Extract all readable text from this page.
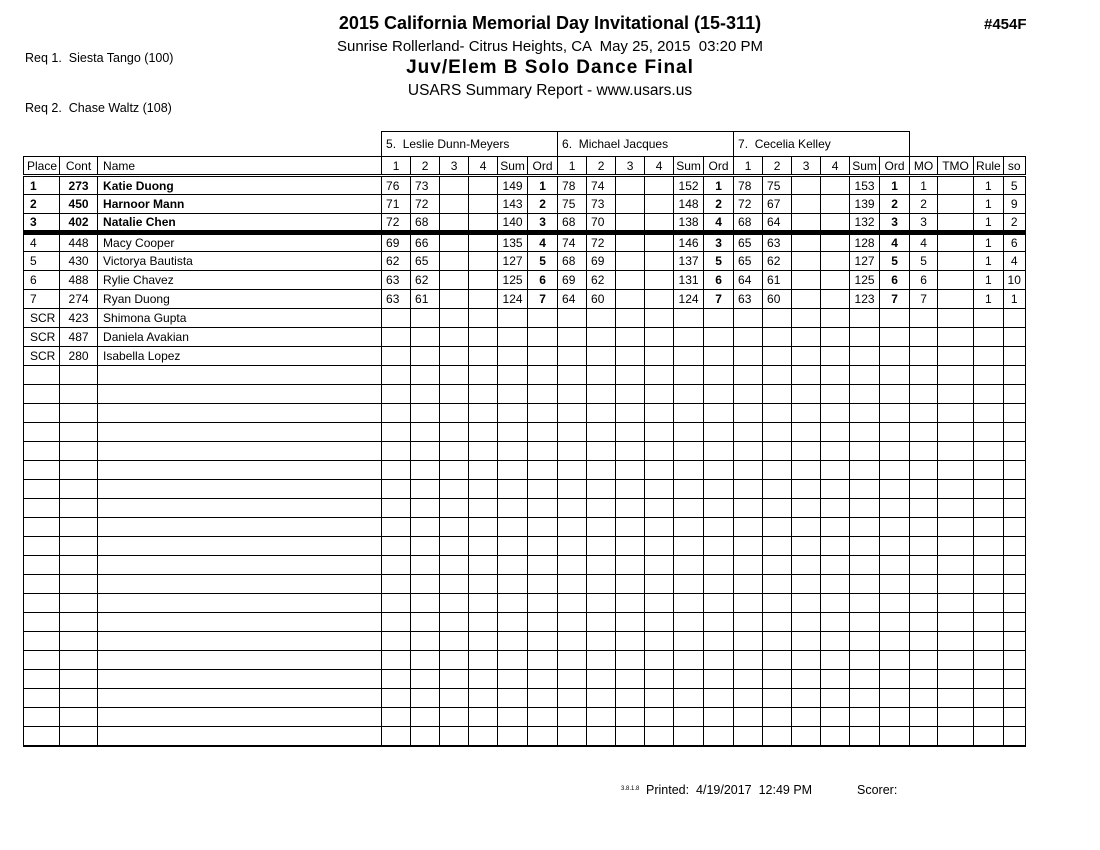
Req 1.  Siesta Tango (100)

Req 2.  Chase Waltz (108)

2015 California Memorial Day Invitational (15-311)
Sunrise Rollerland- Citrus Heights, CA  May 25, 2015  03:20 PM
Juv/Elem B Solo Dance Final
USARS Summary Report - www.usars.us
#454F
			5.  Leslie Dunn-Meyers						6.  Michael Jacques						7.  Cecelia Kelley									
Place	Cont	Name	1	2	3	4	Sum	Ord	1	2	3	4	Sum	Ord	1	2	3	4	Sum	Ord	MO	TMO	Rule	so
1	273	Katie Duong	76	73			149	1	78	74			152	1	78	75			153	1	1		1	5
2	450	Harnoor Mann	71	72			143	2	75	73			148	2	72	67			139	2	2		1	9
3	402	Natalie Chen	72	68			140	3	68	70			138	4	68	64			132	3	3		1	2
4	448	Macy Cooper	69	66			135	4	74	72			146	3	65	63			128	4	4		1	6
5	430	Victorya Bautista	62	65			127	5	68	69			137	5	65	62			127	5	5		1	4
6	488	Rylie Chavez	63	62			125	6	69	62			131	6	64	61			125	6	6		1	10
7	274	Ryan Duong	63	61			124	7	64	60			124	7	63	60			123	7	7		1	1
SCR	423	Shimona Gupta																						
SCR	487	Daniela Avakian																						
SCR	280	Isabella Lopez																						

3.8.1.8 Printed:  4/19/2017  12:49 PM	Scorer:
